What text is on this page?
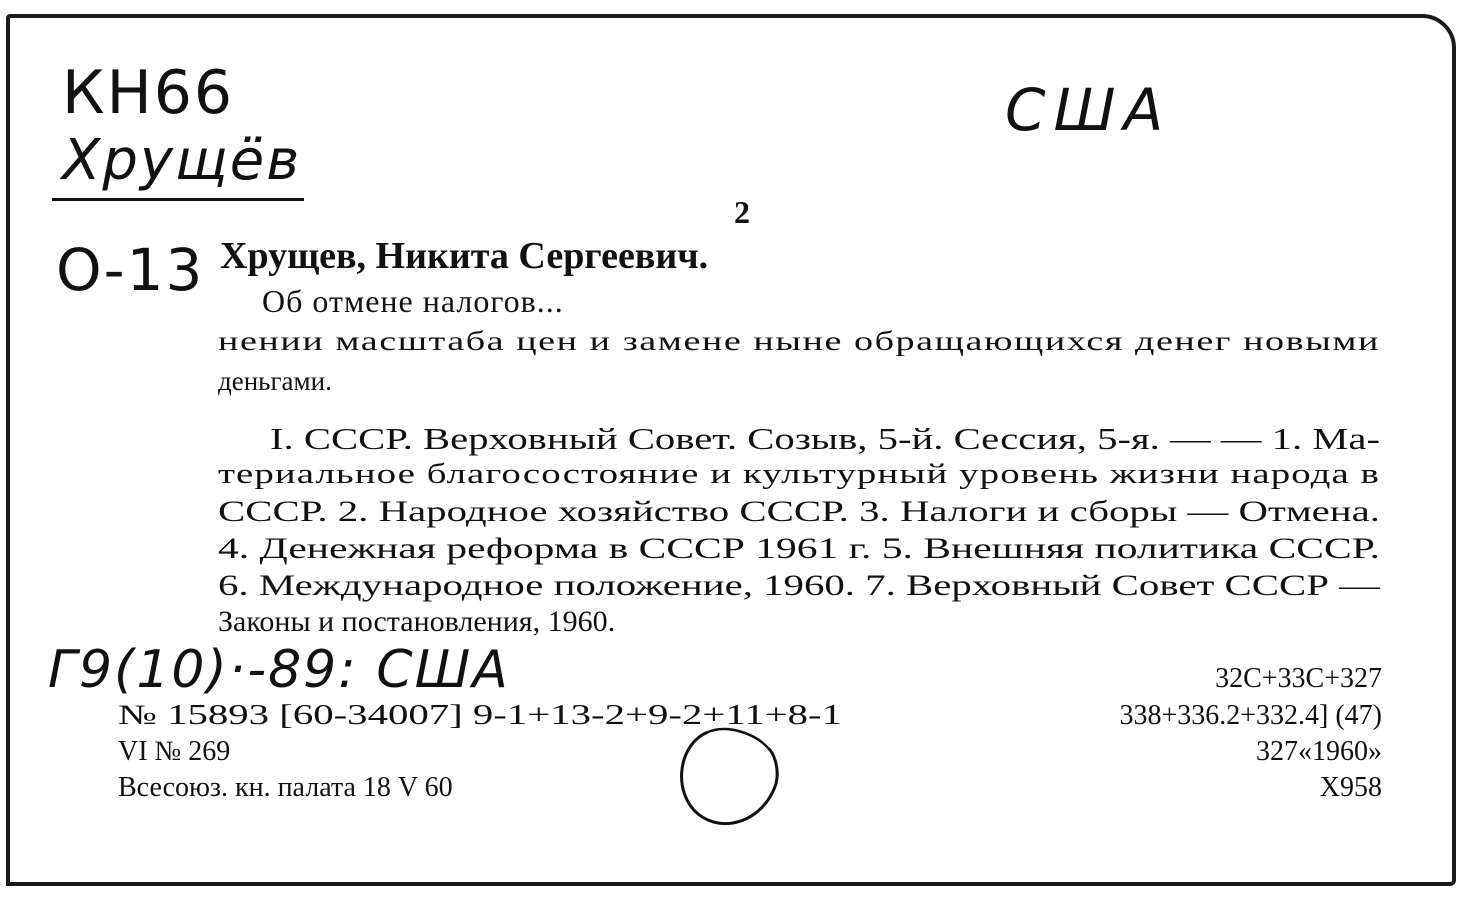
КН66
Хрущёв
О-13
США
Г9(10)·-89: США
2
Хрущев, Никита Сергеевич.
Об отмене налогов...
нении масштаба цен и замене ныне обращающихся денег новыми
деньгами.
I. СССР. Верховный Совет. Созыв, 5-й. Сессия, 5-я. — — 1. Ма-
териальное благосостояние и культурный уровень жизни народа в
СССР. 2. Народное хозяйство СССР. 3. Налоги и сборы — Отмена.
4. Денежная реформа в СССР 1961 г. 5. Внешняя политика СССР.
6. Международное положение, 1960. 7. Верховный Совет СССР —
Законы и постановления, 1960.
№ 15893 [60-34007] 9-1+13-2+9-2+11+8-1
VI № 269
Всесоюз. кн. палата 18 V 60
32С+33С+327
338+336.2+332.4] (47)
327«1960»
Х958
